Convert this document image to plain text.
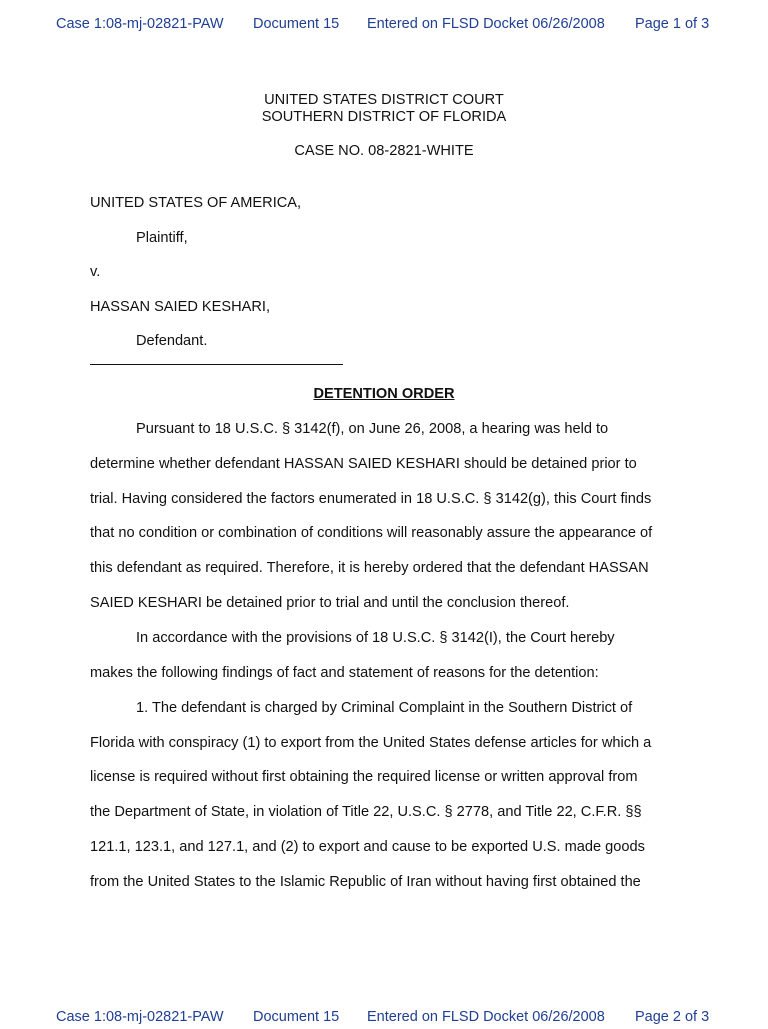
Case 1:08-mj-02821-PAW Document 15 Entered on FLSD Docket 06/26/2008 Page 1 of 3
UNITED STATES DISTRICT COURT
SOUTHERN DISTRICT OF FLORIDA
CASE NO. 08-2821-WHITE
UNITED STATES OF AMERICA,
Plaintiff,
v.
HASSAN SAIED KESHARI,
Defendant.
DETENTION ORDER
Pursuant to 18 U.S.C. § 3142(f), on June 26, 2008, a hearing was held to
determine whether defendant HASSAN SAIED KESHARI should be detained prior to
trial. Having considered the factors enumerated in 18 U.S.C. § 3142(g), this Court finds
that no condition or combination of conditions will reasonably assure the appearance of
this defendant as required. Therefore, it is hereby ordered that the defendant HASSAN
SAIED KESHARI be detained prior to trial and until the conclusion thereof.
In accordance with the provisions of 18 U.S.C. § 3142(I), the Court hereby
makes the following findings of fact and statement of reasons for the detention:
1. The defendant is charged by Criminal Complaint in the Southern District of
Florida with conspiracy (1) to export from the United States defense articles for which a
license is required without first obtaining the required license or written approval from
the Department of State, in violation of Title 22, U.S.C. § 2778, and Title 22, C.F.R. §§
121.1, 123.1, and 127.1, and (2) to export and cause to be exported U.S. made goods
from the United States to the Islamic Republic of Iran without having first obtained the
Case 1:08-mj-02821-PAW Document 15 Entered on FLSD Docket 06/26/2008 Page 2 of 3
